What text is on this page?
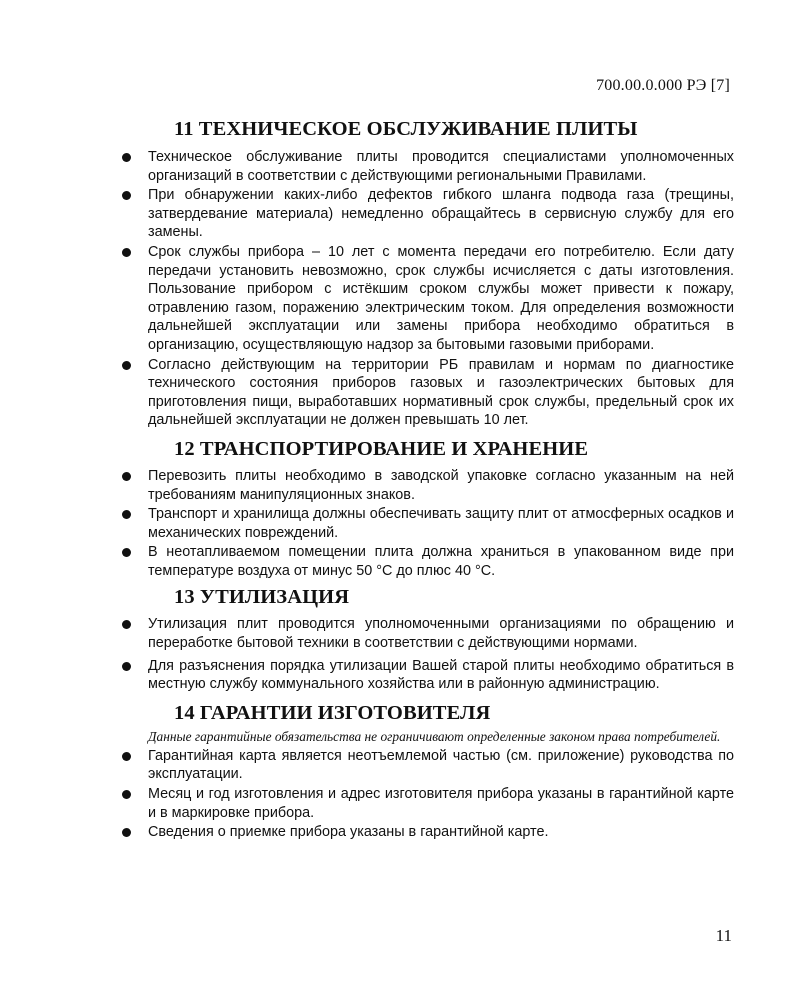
700.00.0.000 РЭ [7]
11 ТЕХНИЧЕСКОЕ ОБСЛУЖИВАНИЕ ПЛИТЫ
Техническое обслуживание плиты проводится специалистами уполномоченных организаций в соответствии с действующими региональными Правилами.
При обнаружении каких-либо дефектов гибкого шланга подвода газа (трещины, затвердевание материала) немедленно обращайтесь в сервисную службу для его замены.
Срок службы прибора – 10 лет с момента передачи его потребителю. Если дату передачи установить невозможно, срок службы исчисляется с даты изготовления. Пользование прибором с истёкшим сроком службы может привести к пожару, отравлению газом, поражению электрическим током. Для определения возможности дальнейшей эксплуатации или замены прибора необходимо обратиться в организацию, осуществляющую надзор за бытовыми газовыми приборами.
Согласно действующим на территории РБ правилам и нормам по диагностике технического состояния приборов газовых и газоэлектрических бытовых для приготовления пищи, выработавших нормативный срок службы, предельный срок их дальнейшей эксплуатации не должен превышать 10 лет.
12 ТРАНСПОРТИРОВАНИЕ И ХРАНЕНИЕ
Перевозить плиты необходимо в заводской упаковке согласно указанным на ней требованиям манипуляционных знаков.
Транспорт и хранилища должны обеспечивать защиту плит от атмосферных осадков и механических повреждений.
В неотапливаемом помещении плита должна храниться в упакованном виде при температуре воздуха от минус 50 °С до плюс 40 °С.
13 УТИЛИЗАЦИЯ
Утилизация плит проводится уполномоченными организациями по обращению и переработке бытовой техники в соответствии с действующими нормами.
Для разъяснения порядка утилизации Вашей старой плиты необходимо обратиться в местную службу коммунального хозяйства или в районную администрацию.
14 ГАРАНТИИ ИЗГОТОВИТЕЛЯ

Данные гарантийные обязательства не ограничивают определенные законом права потребителей.

Гарантийная карта является неотъемлемой частью (см. приложение) руководства по эксплуатации.
Месяц и год изготовления и адрес изготовителя прибора указаны в гарантийной карте и в маркировке прибора.
Сведения о приемке прибора указаны в гарантийной карте.
11
